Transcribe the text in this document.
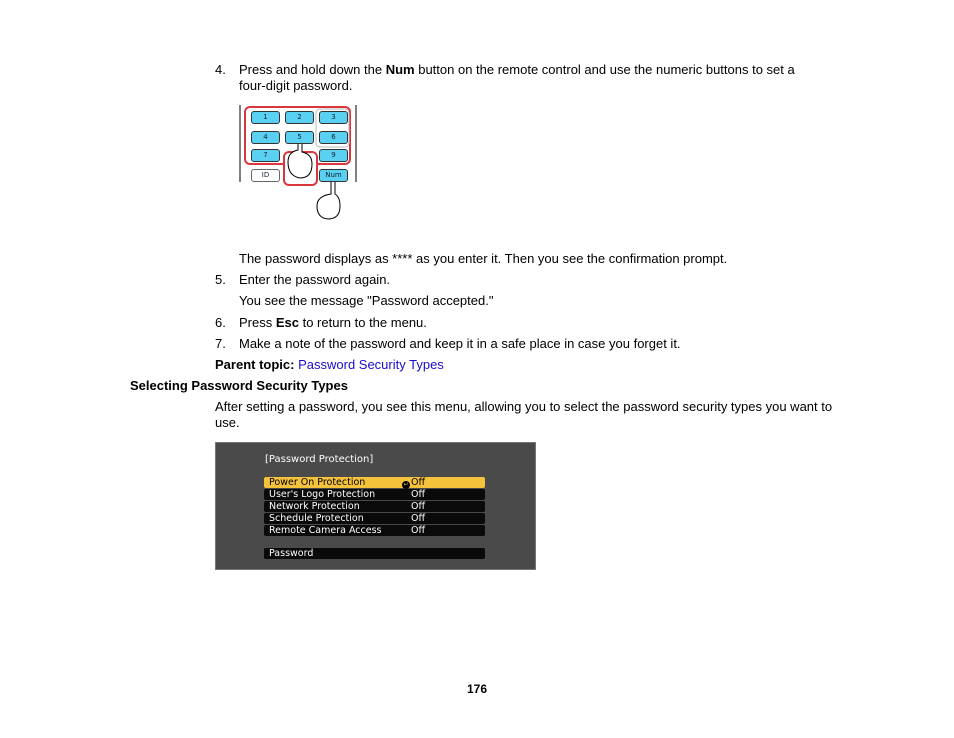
4. Press and hold down the Num button on the remote control and use the numeric buttons to set a four-digit password.
1	2	3
4	5	6
7	9
ID	Num
The password displays as **** as you enter it. Then you see the confirmation prompt.
5. Enter the password again.
You see the message "Password accepted."
6. Press Esc to return to the menu.
7. Make a note of the password and keep it in a safe place in case you forget it.
Parent topic: Password Security Types
Selecting Password Security Types
After setting a password, you see this menu, allowing you to select the password security types you want to use.
[Password Protection]
Power On Protection	↵ Off
User's Logo Protection	Off
Network Protection	Off
Schedule Protection	Off
Remote Camera Access	Off
Password
176
